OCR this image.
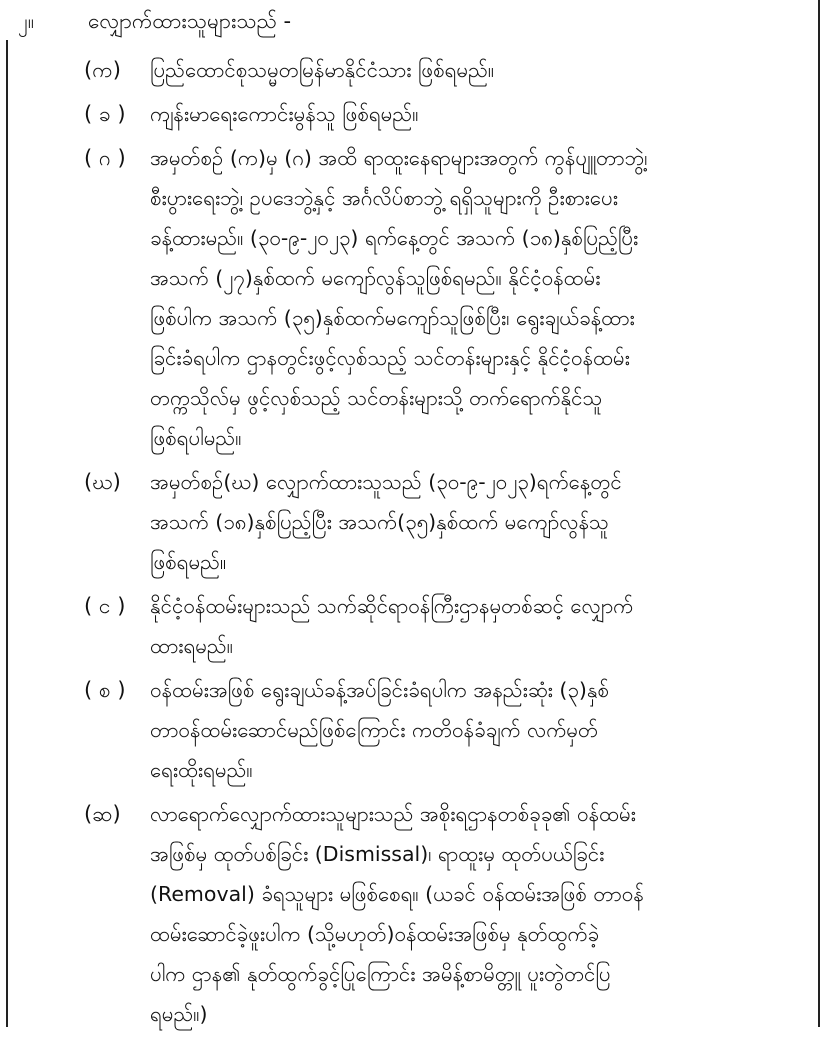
၂။	လျှောက်ထားသူများသည် -
(က)	ပြည်ထောင်စုသမ္မတမြန်မာနိုင်ငံသား ဖြစ်ရမည်။
( ခ )	ကျန်းမာရေးကောင်းမွန်သူ ဖြစ်ရမည်။
( ဂ )	အမှတ်စဉ် (က)မှ (ဂ) အထိ ရာထူးနေရာများအတွက် ကွန်ပျူတာဘွဲ့၊
စီးပွားရေးဘွဲ့၊ ဥပဒေဘွဲ့နှင့် အင်္ဂလိပ်စာဘွဲ့ ရရှိသူများကို ဦးစားပေး
ခန့်ထားမည်။ (၃၀-၉-၂၀၂၃) ရက်နေ့တွင် အသက် (၁၈)နှစ်ပြည့်ပြီး
အသက် (၂၇)နှစ်ထက် မကျော်လွန်သူဖြစ်ရမည်။ နိုင်ငံ့ဝန်ထမ်း
ဖြစ်ပါက အသက် (၃၅)နှစ်ထက်မကျော်သူဖြစ်ပြီး၊ ရွေးချယ်ခန့်ထား
ခြင်းခံရပါက ဌာနတွင်းဖွင့်လှစ်သည့် သင်တန်းများနှင့် နိုင်ငံ့ဝန်ထမ်း
တက္ကသိုလ်မှ ဖွင့်လှစ်သည့် သင်တန်းများသို့ တက်ရောက်နိုင်သူ
ဖြစ်ရပါမည်။
(ဃ)	အမှတ်စဉ်(ဃ) လျှောက်ထားသူသည် (၃၀-၉-၂၀၂၃)ရက်နေ့တွင်
အသက် (၁၈)နှစ်ပြည့်ပြီး အသက်(၃၅)နှစ်ထက် မကျော်လွန်သူ
ဖြစ်ရမည်။
( င )	နိုင်ငံ့ဝန်ထမ်းများသည် သက်ဆိုင်ရာဝန်ကြီးဌာနမှတစ်ဆင့် လျှောက်
ထားရမည်။
( စ )	ဝန်ထမ်းအဖြစ် ရွေးချယ်ခန့်အပ်ခြင်းခံရပါက အနည်းဆုံး (၃)နှစ်
တာဝန်ထမ်းဆောင်မည်ဖြစ်ကြောင်း ကတိဝန်ခံချက် လက်မှတ်
ရေးထိုးရမည်။
(ဆ)	လာရောက်လျှောက်ထားသူများသည် အစိုးရဌာနတစ်ခုခု၏ ဝန်ထမ်း
အဖြစ်မှ ထုတ်ပစ်ခြင်း (Dismissal)၊ ရာထူးမှ ထုတ်ပယ်ခြင်း
(Removal) ခံရသူများ မဖြစ်စေရ။ (ယခင် ဝန်ထမ်းအဖြစ် တာဝန်
ထမ်းဆောင်ခဲ့ဖူးပါက (သို့မဟုတ်)ဝန်ထမ်းအဖြစ်မှ နုတ်ထွက်ခဲ့
ပါက ဌာန၏ နုတ်ထွက်ခွင့်ပြုကြောင်း အမိန့်စာမိတ္တူ ပူးတွဲတင်ပြ
ရမည်။)
